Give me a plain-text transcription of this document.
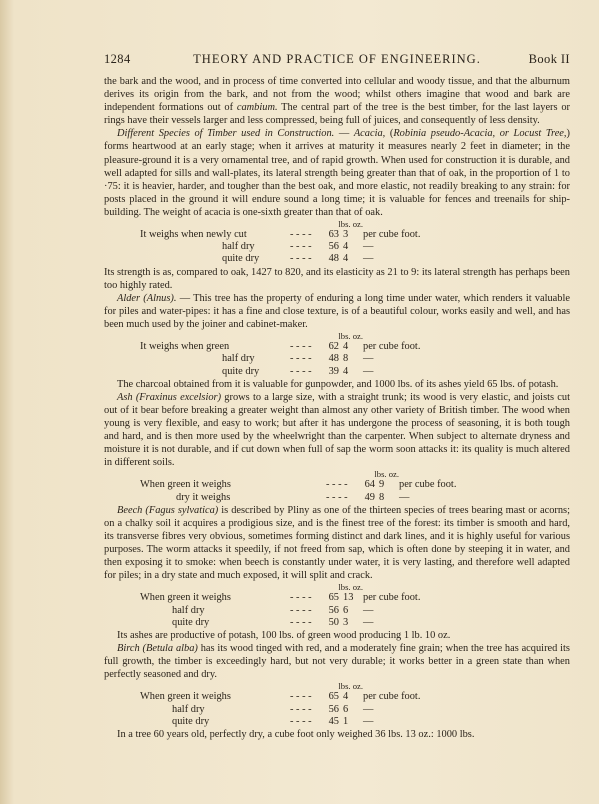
1284	THEORY AND PRACTICE OF ENGINEERING.	Book II

the bark and the wood, and in process of time converted into cellular and woody tissue, and that the alburnum derives its origin from the bark, and not from the wood; whilst others imagine that wood and bark are independent formations out of cambium. The central part of the tree is the best timber, for the last layers or rings have their vessels larger and less compressed, being full of juices, and consequently of less density.

Different Species of Timber used in Construction. — Acacia, (Robinia pseudo-Acacia, or Locust Tree,) forms heartwood at an early stage; when it arrives at maturity it measures nearly 2 feet in diameter; in the pleasure-ground it is a very ornamental tree, and of rapid growth. When used for construction it is durable, and well adapted for sills and wall-plates, its lateral strength being greater than that of oak, in the proportion of 1 to ·75: it is heavier, harder, and tougher than the best oak, and more elastic, not readily breaking to any strain: for posts placed in the ground it will endure sound a long time; it is valuable for fences and treenails for ship-building. The weight of acacia is one-sixth greater than that of oak.

		lbs. oz.		
It weighs when newly cut	- - - -	63	3	per cube foot.
half dry	- - - -	56	4	—
quite dry	- - - -	48	4	—

Its strength is as, compared to oak, 1427 to 820, and its elasticity as 21 to 9: its lateral strength has perhaps been too highly rated.

Alder (Alnus). — This tree has the property of enduring a long time under water, which renders it valuable for piles and water-pipes: it has a fine and close texture, is of a beautiful colour, works easily and well, and has been much used by the joiner and cabinet-maker.

		lbs. oz.		
It weighs when green	- - - -	62	4	per cube foot.
half dry	- - - -	48	8	—
quite dry	- - - -	39	4	—

The charcoal obtained from it is valuable for gunpowder, and 1000 lbs. of its ashes yield 65 lbs. of potash.

Ash (Fraxinus excelsior) grows to a large size, with a straight trunk; its wood is very elastic, and joists cut out of it bear before breaking a greater weight than almost any other variety of British timber. The wood when young is very flexible, and easy to work; but after it has undergone the process of seasoning, it is both tough and hard, and is then more used by the wheelwright than the carpenter. When subject to alternate dryness and moisture it is not durable, and if cut down when full of sap the worm soon attacks it: its quality is much altered in different soils.

		lbs. oz.		
When green it weighs	- - - -	64	9	per cube foot.
dry it weighs	- - - -	49	8	—

Beech (Fagus sylvatica) is described by Pliny as one of the thirteen species of trees bearing mast or acorns; on a chalky soil it acquires a prodigious size, and is the finest tree of the forest: its timber is smooth and hard, its transverse fibres very obvious, sometimes forming distinct and dark lines, and it is highly useful for various purposes. The worm attacks it speedily, if not freed from sap, which is often done by steeping it in water, and then exposing it to smoke: when beech is constantly under water, it is very lasting, and therefore well adapted for piles; in a dry state and much exposed, it will split and crack.

		lbs. oz.		
When green it weighs	- - - -	65	13	per cube foot.
half dry	- - - -	56	6	—
quite dry	- - - -	50	3	—

Its ashes are productive of potash, 100 lbs. of green wood producing 1 lb. 10 oz.

Birch (Betula alba) has its wood tinged with red, and a moderately fine grain; when the tree has acquired its full growth, the timber is exceedingly hard, but not very durable; it works better in a green state than when perfectly seasoned and dry.

		lbs. oz.		
When green it weighs	- - - -	65	4	per cube foot.
half dry	- - - -	56	6	—
quite dry	- - - -	45	1	—

In a tree 60 years old, perfectly dry, a cube foot only weighed 36 lbs. 13 oz.: 1000 lbs.
